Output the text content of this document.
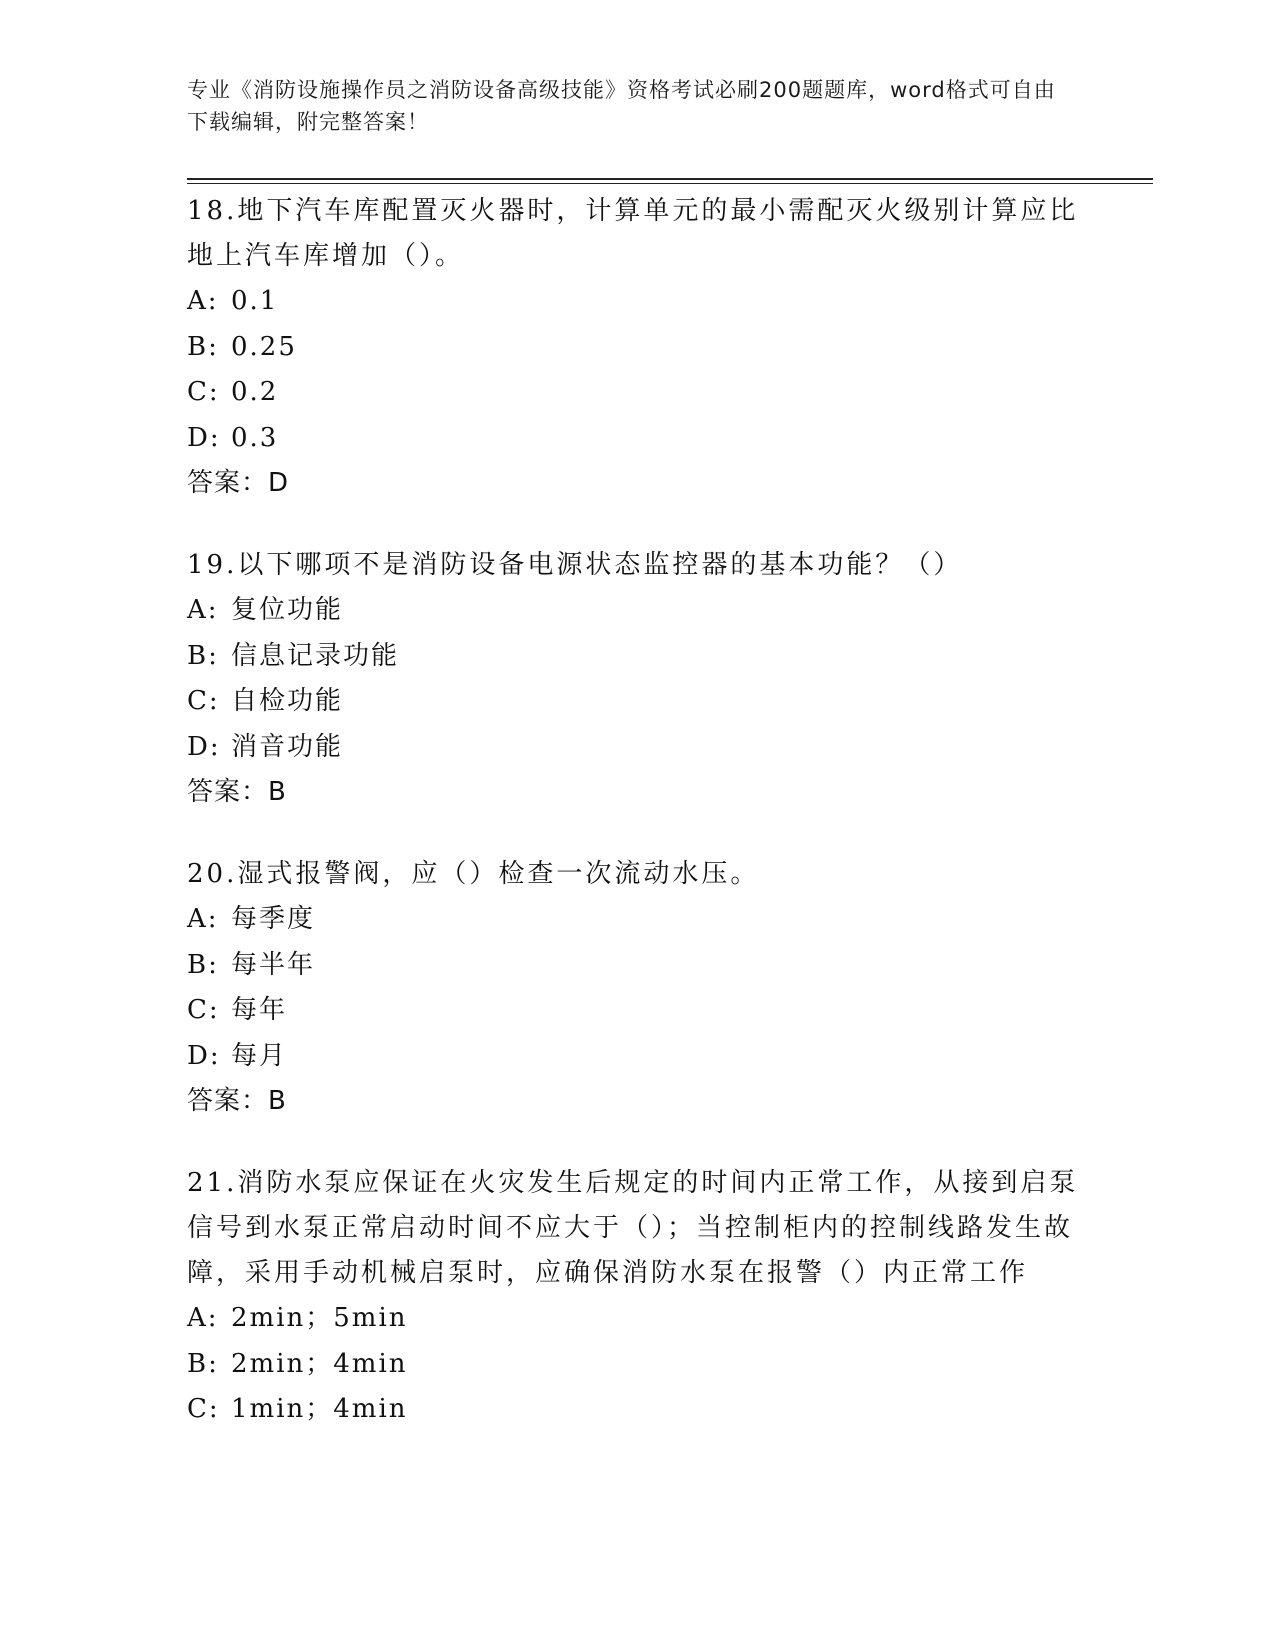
专业《消防设施操作员之消防设备高级技能》资格考试必刷200题题库，word格式可自由下载编辑，附完整答案！

18.地下汽车库配置灭火器时，计算单元的最小需配灭火级别计算应比地上汽车库增加（）。

A: 0.1

B: 0.25

C: 0.2

D: 0.3

答案：D

19.以下哪项不是消防设备电源状态监控器的基本功能？（）

A: 复位功能

B: 信息记录功能

C: 自检功能

D: 消音功能

答案：B

20.湿式报警阀，应（）检查一次流动水压。

A: 每季度

B: 每半年

C: 每年

D: 每月

答案：B

21.消防水泵应保证在火灾发生后规定的时间内正常工作，从接到启泵信号到水泵正常启动时间不应大于（）；当控制柜内的控制线路发生故障，采用手动机械启泵时，应确保消防水泵在报警（）内正常工作

A: 2min；5min

B: 2min；4min

C: 1min；4min
